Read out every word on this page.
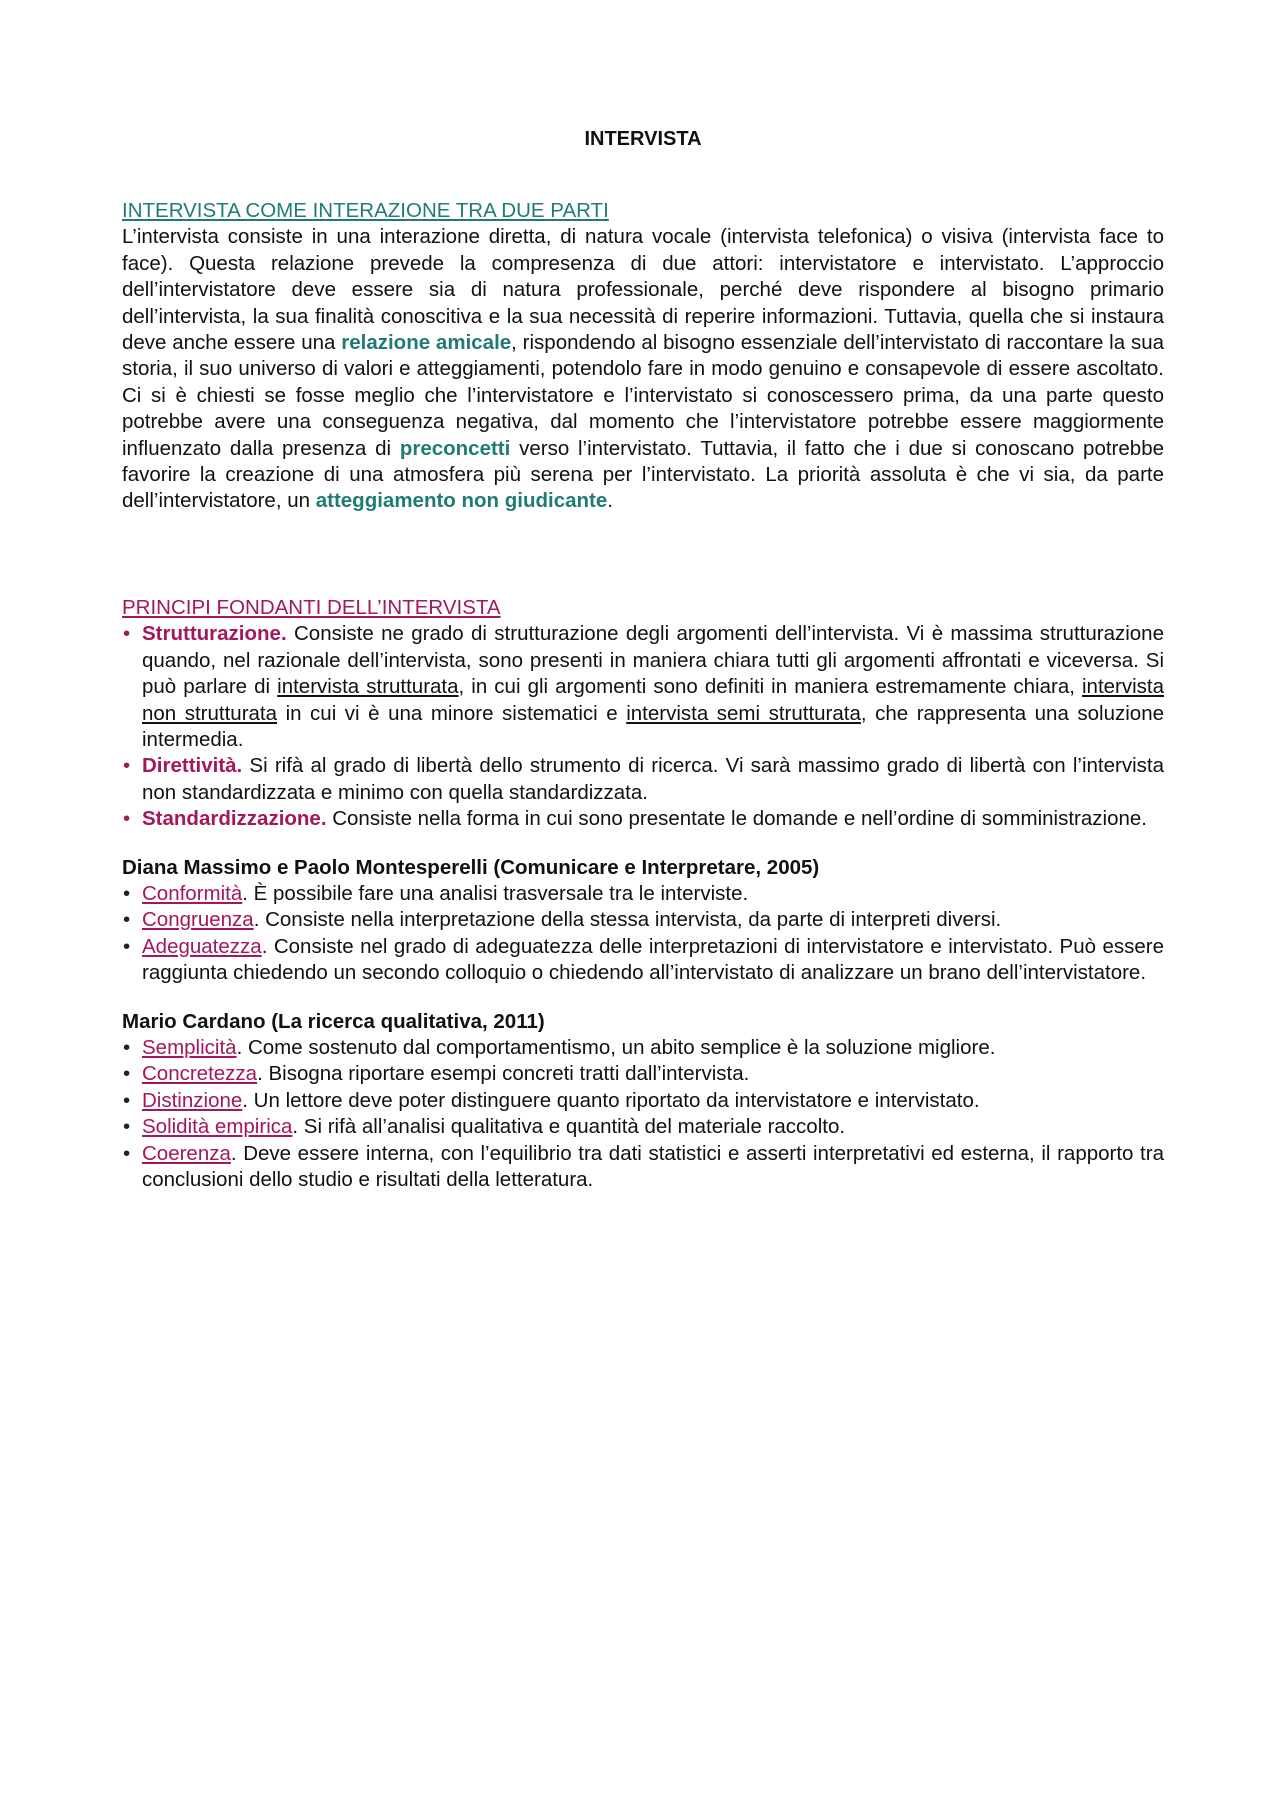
INTERVISTA
INTERVISTA COME INTERAZIONE TRA DUE PARTI

L’intervista consiste in una interazione diretta, di natura vocale (intervista telefonica) o visiva (intervista face to face). Questa relazione prevede la compresenza di due attori: intervistatore e intervistato. L’approccio dell’intervistatore deve essere sia di natura professionale, perché deve rispondere al bisogno primario dell’intervista, la sua finalità conoscitiva e la sua necessità di reperire informazioni. Tuttavia, quella che si instaura deve anche essere una relazione amicale, rispondendo al bisogno essenziale dell’intervistato di raccontare la sua storia, il suo universo di valori e atteggiamenti, potendolo fare in modo genuino e consapevole di essere ascoltato. Ci si è chiesti se fosse meglio che l’intervistatore e l’intervistato si conoscessero prima, da una parte questo potrebbe avere una conseguenza negativa, dal momento che l’intervistatore potrebbe essere maggiormente influenzato dalla presenza di preconcetti verso l’intervistato. Tuttavia, il fatto che i due si conoscano potrebbe favorire la creazione di una atmosfera più serena per l’intervistato. La priorità assoluta è che vi sia, da parte dell’intervistatore, un atteggiamento non giudicante.

PRINCIPI FONDANTI DELL’INTERVISTA
• Strutturazione. Consiste ne grado di strutturazione degli argomenti dell’intervista. Vi è massima strutturazione quando, nel razionale dell’intervista, sono presenti in maniera chiara tutti gli argomenti affrontati e viceversa. Si può parlare di intervista strutturata, in cui gli argomenti sono definiti in maniera estremamente chiara, intervista non strutturata in cui vi è una minore sistematici e intervista semi strutturata, che rappresenta una soluzione intermedia.
• Direttività. Si rifà al grado di libertà dello strumento di ricerca. Vi sarà massimo grado di libertà con l’intervista non standardizzata e minimo con quella standardizzata.
• Standardizzazione. Consiste nella forma in cui sono presentate le domande e nell’ordine di somministrazione.

Diana Massimo e Paolo Montesperelli (Comunicare e Interpretare, 2005)

• Conformità. È possibile fare una analisi trasversale tra le interviste.
• Congruenza. Consiste nella interpretazione della stessa intervista, da parte di interpreti diversi.
• Adeguatezza. Consiste nel grado di adeguatezza delle interpretazioni di intervistatore e intervistato. Può essere raggiunta chiedendo un secondo colloquio o chiedendo all’intervistato di analizzare un brano dell’intervistatore.

Mario Cardano (La ricerca qualitativa, 2011)

• Semplicità. Come sostenuto dal comportamentismo, un abito semplice è la soluzione migliore.
• Concretezza. Bisogna riportare esempi concreti tratti dall’intervista.
• Distinzione. Un lettore deve poter distinguere quanto riportato da intervistatore e intervistato.
• Solidità empirica. Si rifà all’analisi qualitativa e quantità del materiale raccolto.
• Coerenza. Deve essere interna, con l’equilibrio tra dati statistici e asserti interpretativi ed esterna, il rapporto tra conclusioni dello studio e risultati della letteratura.
